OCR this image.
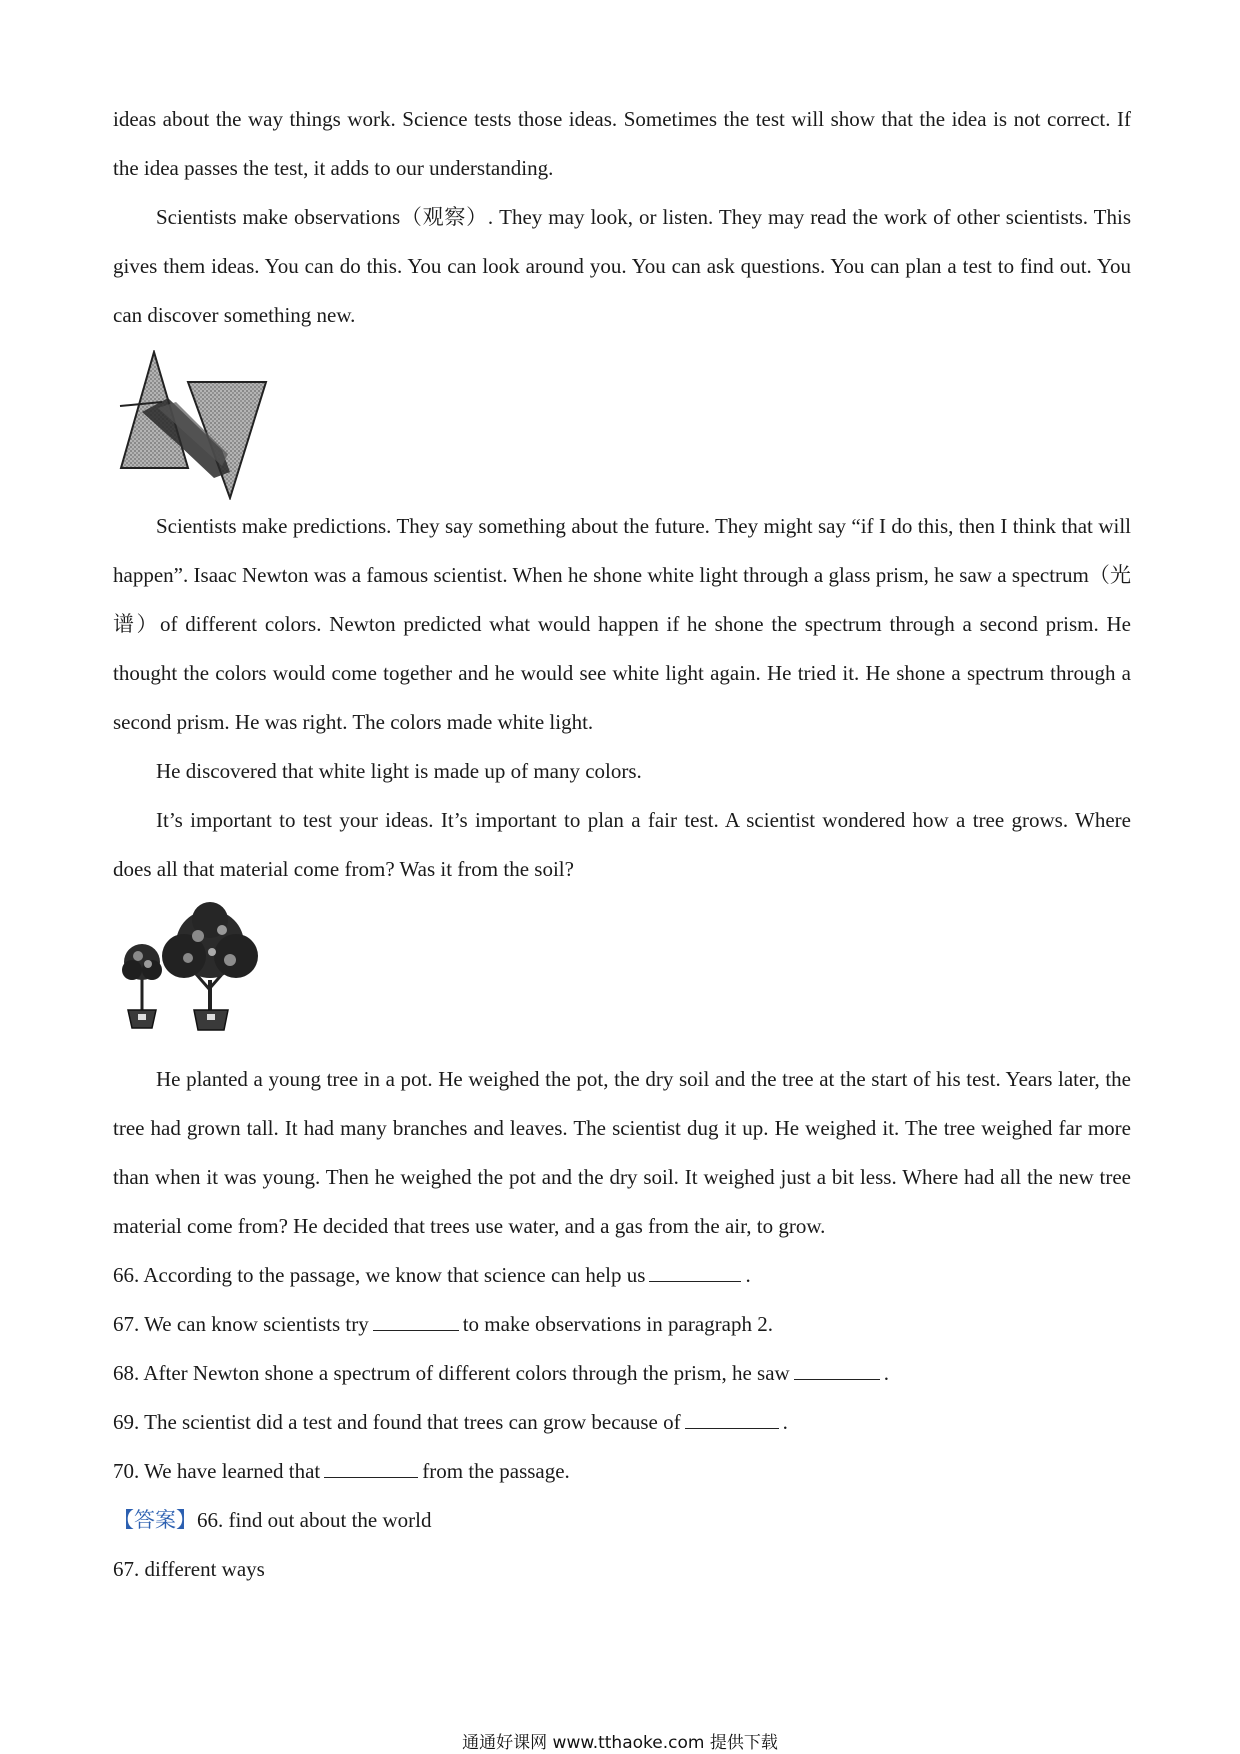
ideas about the way things work. Science tests those ideas. Sometimes the test will show that the idea is not correct. If the idea passes the test, it adds to our understanding.

Scientists make observations（观察）. They may look, or listen. They may read the work of other scientists. This gives them ideas. You can do this. You can look around you. You can ask questions. You can plan a test to find out. You can discover something new.

Scientists make predictions. They say something about the future. They might say “if I do this, then I think that will happen”. Isaac Newton was a famous scientist. When he shone white light through a glass prism, he saw a spectrum（光谱）of different colors. Newton predicted what would happen if he shone the spectrum through a second prism. He thought the colors would come together and he would see white light again. He tried it. He shone a spectrum through a second prism. He was right. The colors made white light.

He discovered that white light is made up of many colors.

It’s important to test your ideas. It’s important to plan a fair test. A scientist wondered how a tree grows. Where does all that material come from? Was it from the soil?

He planted a young tree in a pot. He weighed the pot, the dry soil and the tree at the start of his test. Years later, the tree had grown tall. It had many branches and leaves. The scientist dug it up. He weighed it. The tree weighed far more than when it was young. Then he weighed the pot and the dry soil. It weighed just a bit less. Where had all the new tree material come from? He decided that trees use water, and a gas from the air, to grow.

66. According to the passage, we know that science can help us	.

67. We can know scientists try	to make observations in paragraph 2.

68. After Newton shone a spectrum of different colors through the prism, he saw	.

69. The scientist did a test and found that trees can grow because of	.

70. We have learned that	from the passage.

【答案】66. find out about the world

67. different ways

通通好课网 www.tthaoke.com 提供下载
